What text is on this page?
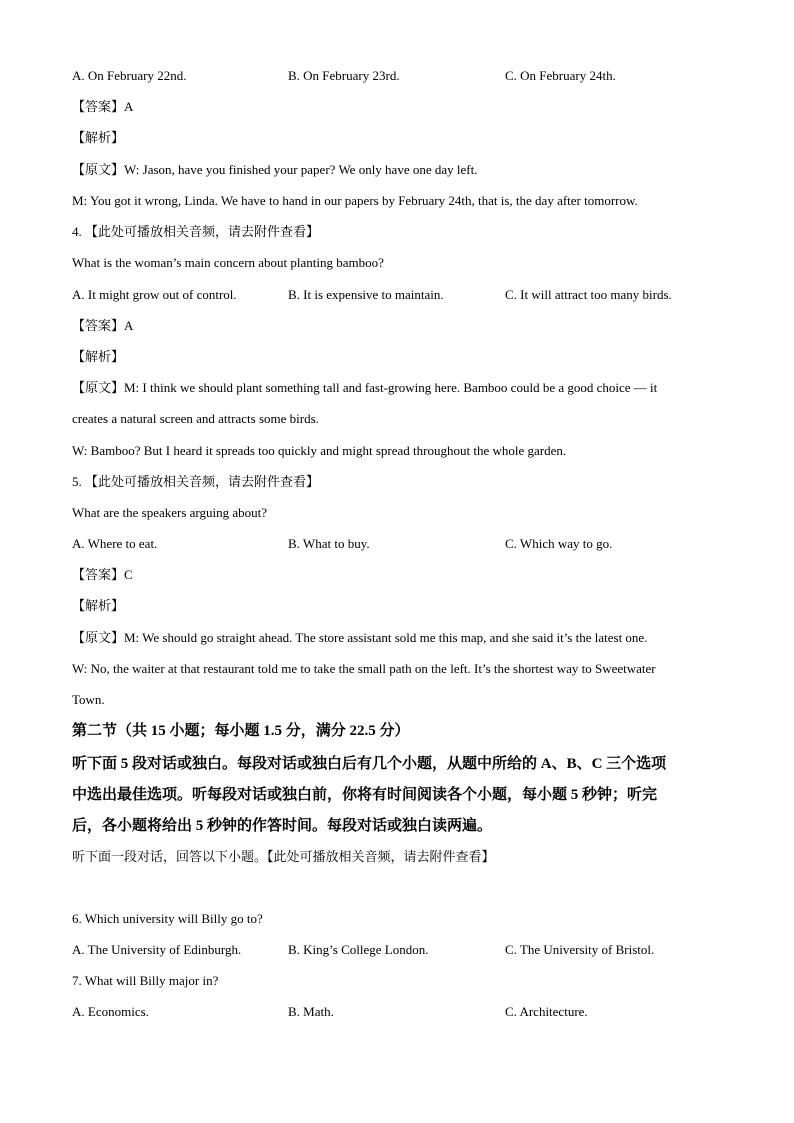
A. On February 22nd.	B. On February 23rd.	C. On February 24th.
【答案】A
【解析】
【原文】W: Jason, have you finished your paper? We only have one day left.
M: You got it wrong, Linda. We have to hand in our papers by February 24th, that is, the day after tomorrow.
4. 【此处可播放相关音频，请去附件查看】
What is the woman’s main concern about planting bamboo?
A. It might grow out of control.	B. It is expensive to maintain.	C. It will attract too many birds.
【答案】A
【解析】
【原文】M: I think we should plant something tall and fast-growing here. Bamboo could be a good choice — it
creates a natural screen and attracts some birds.
W: Bamboo? But I heard it spreads too quickly and might spread throughout the whole garden.
5. 【此处可播放相关音频，请去附件查看】
What are the speakers arguing about?
A. Where to eat.	B. What to buy.	C. Which way to go.
【答案】C
【解析】
【原文】M: We should go straight ahead. The store assistant sold me this map, and she said it’s the latest one.
W: No, the waiter at that restaurant told me to take the small path on the left. It’s the shortest way to Sweetwater
Town.
第二节（共 15 小题；每小题 1.5 分，满分 22.5 分）
听下面 5 段对话或独白。每段对话或独白后有几个小题，从题中所给的 A、B、C 三个选项
中选出最佳选项。听每段对话或独白前，你将有时间阅读各个小题，每小题 5 秒钟；听完
后，各小题将给出 5 秒钟的作答时间。每段对话或独白读两遍。
听下面一段对话，回答以下小题。【此处可播放相关音频，请去附件查看】
6. Which university will Billy go to?
A. The University of Edinburgh.	B. King’s College London.	C. The University of Bristol.
7. What will Billy major in?
A. Economics.	B. Math.	C. Architecture.
